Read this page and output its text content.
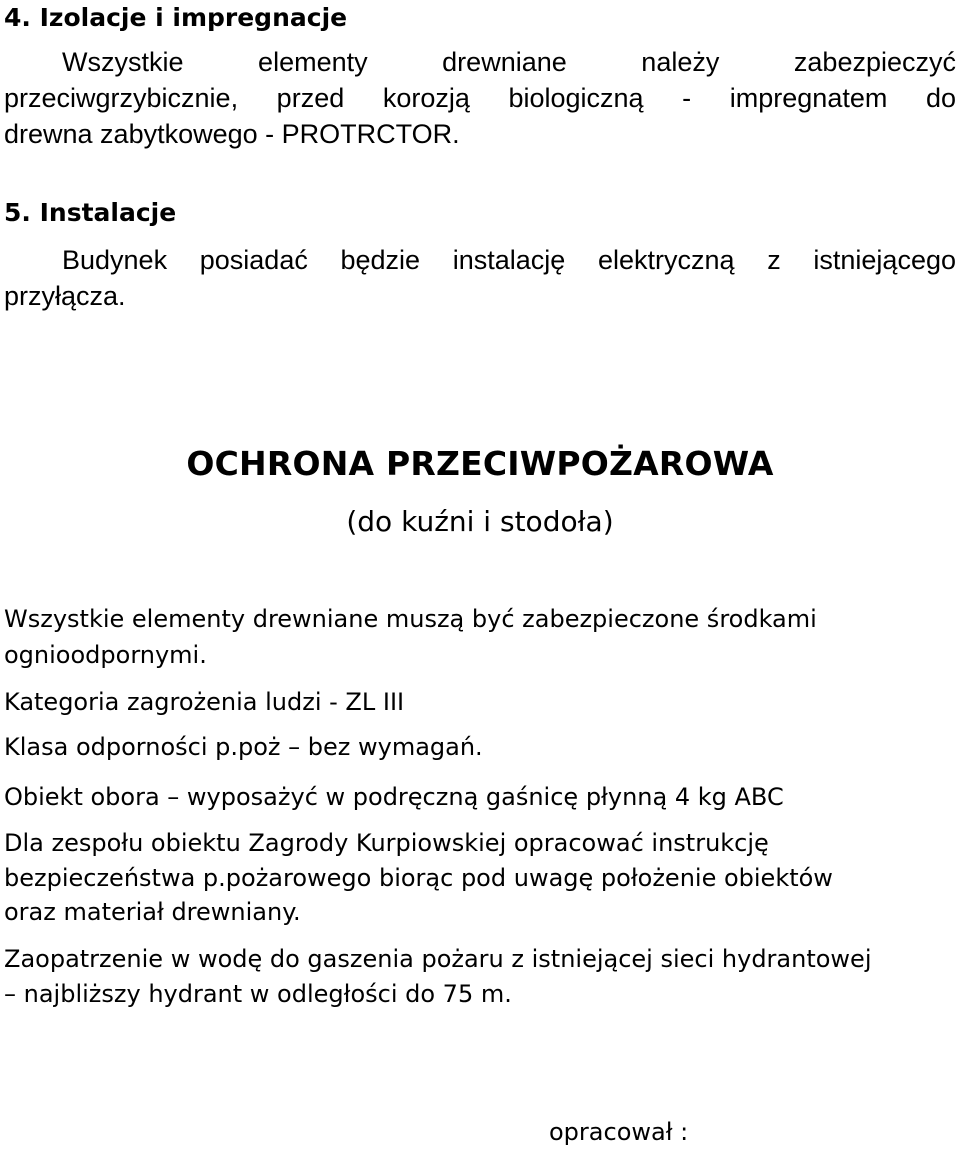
4. Izolacje i impregnacje
Wszystkie elementy drewniane należy zabezpieczyć
przeciwgrzybicznie, przed korozją biologiczną - impregnatem do
drewna zabytkowego - PROTRCTOR.
5. Instalacje
Budynek posiadać będzie instalację elektryczną z istniejącego
przyłącza.
OCHRONA PRZECIWPOŻAROWA
(do kuźni i stodoła)
Wszystkie elementy drewniane muszą być zabezpieczone środkami
ognioodpornymi.
Kategoria zagrożenia ludzi - ZL III
Klasa odporności p.poż – bez wymagań.
Obiekt obora – wyposażyć w podręczną gaśnicę płynną 4 kg ABC
Dla zespołu obiektu Zagrody Kurpiowskiej opracować instrukcję
bezpieczeństwa p.pożarowego biorąc pod uwagę położenie obiektów
oraz materiał drewniany.
Zaopatrzenie w wodę do gaszenia pożaru z istniejącej sieci hydrantowej
– najbliższy hydrant w odległości do 75 m.
opracował :
